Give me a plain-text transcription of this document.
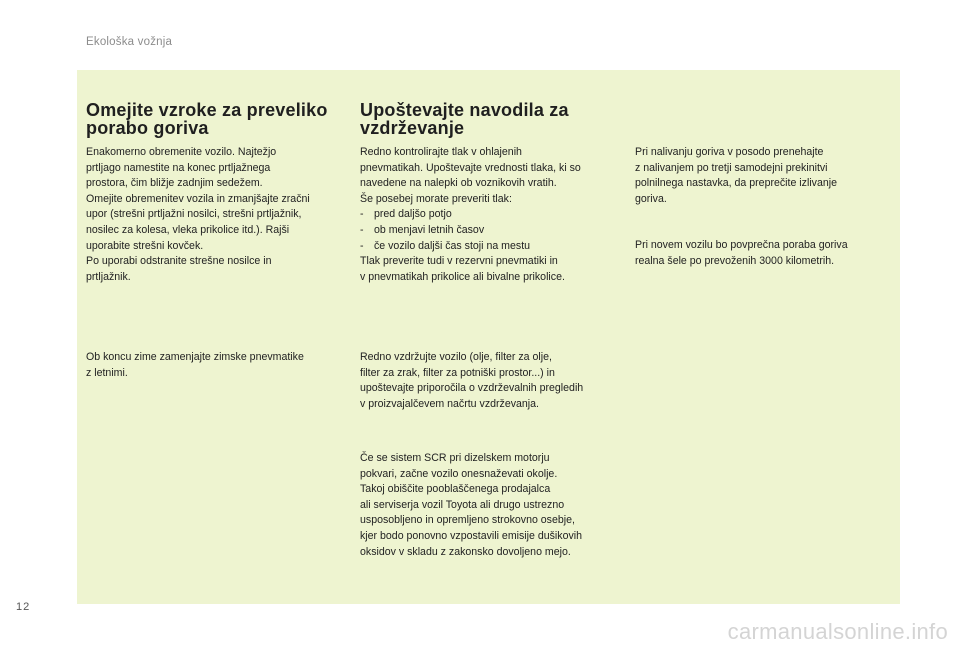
Ekološka vožnja
Omejite vzroke za preveliko
porabo goriva

Enakomerno obremenite vozilo. Najtežjo

prtljago namestite na konec prtljažnega

prostora, čim bližje zadnjim sedežem.

Omejite obremenitev vozila in zmanjšajte zračni

upor (strešni prtljažni nosilci, strešni prtljažnik,

nosilec za kolesa, vleka prikolice itd.). Rajši

uporabite strešni kovček.

Po uporabi odstranite strešne nosilce in

prtljažnik.

Ob koncu zime zamenjajte zimske pnevmatike

z letnimi.

Upoštevajte navodila za
vzdrževanje

Redno kontrolirajte tlak v ohlajenih

pnevmatikah. Upoštevajte vrednosti tlaka, ki so

navedene na nalepki ob voznikovih vratih.

Še posebej morate preveriti tlak:

- pred daljšo potjo
- ob menjavi letnih časov
- če vozilo daljši čas stoji na mestu

Tlak preverite tudi v rezervni pnevmatiki in

v pnevmatikah prikolice ali bivalne prikolice.

Redno vzdržujte vozilo (olje, filter za olje,

filter za zrak, filter za potniški prostor...) in

upoštevajte priporočila o vzdrževalnih pregledih

v proizvajalčevem načrtu vzdrževanja.

Če se sistem SCR pri dizelskem motorju

pokvari, začne vozilo onesnaževati okolje.

Takoj obiščite pooblaščenega prodajalca

ali serviserja vozil Toyota ali drugo ustrezno

usposobljeno in opremljeno strokovno osebje,

kjer bodo ponovno vzpostavili emisije dušikovih

oksidov v skladu z zakonsko dovoljeno mejo.

Pri nalivanju goriva v posodo prenehajte

z nalivanjem po tretji samodejni prekinitvi

polnilnega nastavka, da preprečite izlivanje

goriva.

Pri novem vozilu bo povprečna poraba goriva

realna šele po prevoženih 3000 kilometrih.

12
carmanualsonline.info
